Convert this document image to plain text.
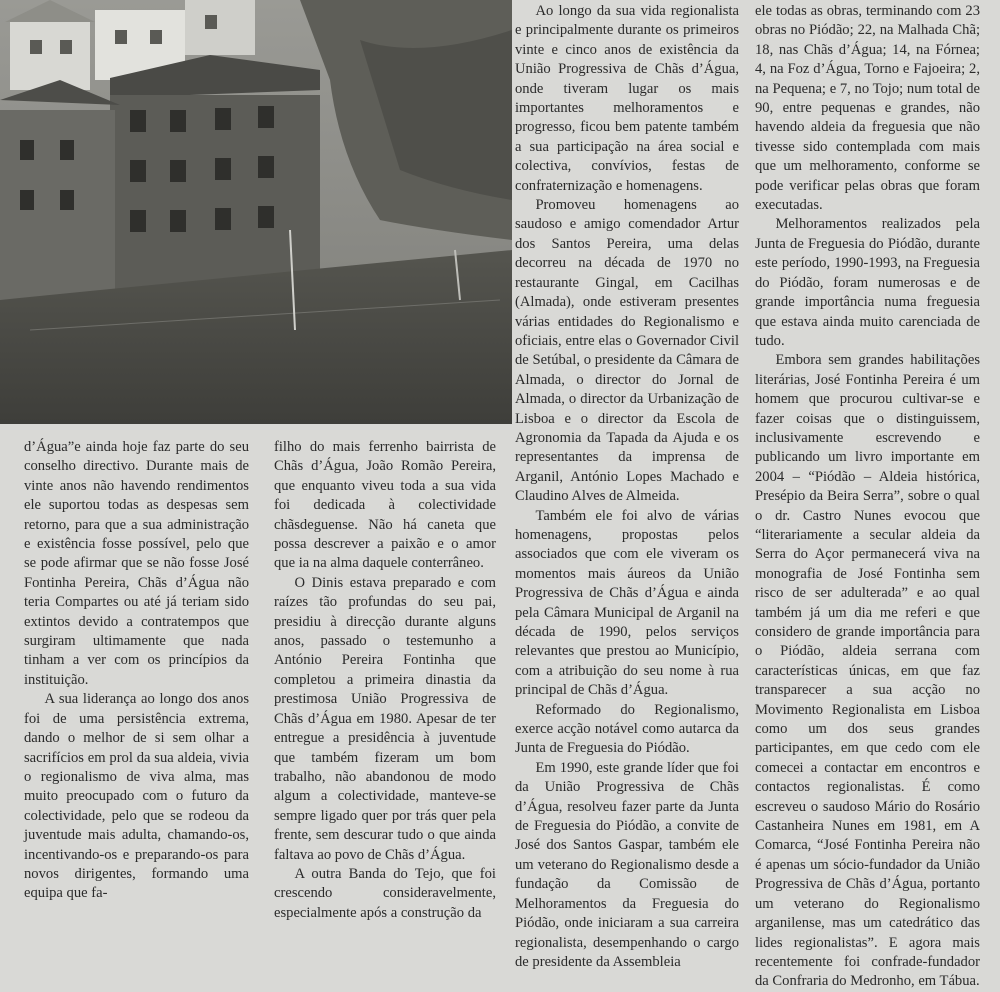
d’Água”e ainda hoje faz parte do seu conselho directivo. Durante mais de vinte anos não havendo rendimentos ele suportou todas as despesas sem retorno, para que a sua administração e existência fosse possível, pelo que se pode afirmar que se não fosse José Fontinha Pereira, Chãs d’Água não teria Compartes ou até já teriam sido extintos devido a contratempos que surgiram ultimamente que nada tinham a ver com os princípios da instituição.

A sua liderança ao longo dos anos foi de uma persistência extrema, dando o melhor de si sem olhar a sacrifícios em prol da sua aldeia, vivia o regionalismo de viva alma, mas muito preocupado com o futuro da colectividade, pelo que se rodeou da juventude mais adulta, chamando-os, incentivando-os e preparando-os para novos dirigentes, formando uma equipa que fa-

filho do mais ferrenho bairrista de Chãs d’Água, João Romão Pereira, que enquanto viveu toda a sua vida foi dedicada à colectividade chãsdeguense. Não há caneta que possa descrever a paixão e o amor que ia na alma daquele conterrâneo.

O Dinis estava preparado e com raízes tão profundas do seu pai, presidiu à direcção durante alguns anos, passado o testemunho a António Pereira Fontinha que completou a primeira dinastia da prestimosa União Progressiva de Chãs d’Água em 1980. Apesar de ter entregue a presidência à juventude que também fizeram um bom trabalho, não abandonou de modo algum a colectividade, manteve-se sempre ligado quer por trás quer pela frente, sem descurar tudo o que ainda faltava ao povo de Chãs d’Água.

A outra Banda do Tejo, que foi crescendo consideravelmente, especialmente após a construção da

Ao longo da sua vida regionalista e principalmente durante os primeiros vinte e cinco anos de existência da União Progressiva de Chãs d’Água, onde tiveram lugar os mais importantes melhoramentos e progresso, ficou bem patente também a sua participação na área social e colectiva, convívios, festas de confraternização e homenagens.

Promoveu homenagens ao saudoso e amigo comendador Artur dos Santos Pereira, uma delas decorreu na década de 1970 no restaurante Gingal, em Cacilhas (Almada), onde estiveram presentes várias entidades do Regionalismo e oficiais, entre elas o Governador Civil de Setúbal, o presidente da Câmara de Almada, o director do Jornal de Almada, o director da Urbanização de Lisboa e o director da Escola de Agronomia da Tapada da Ajuda e os representantes da imprensa de Arganil, António Lopes Machado e Claudino Alves de Almeida.

Também ele foi alvo de várias homenagens, propostas pelos associados que com ele viveram os momentos mais áureos da União Progressiva de Chãs d’Água e ainda pela Câmara Municipal de Arganil na década de 1990, pelos serviços relevantes que prestou ao Município, com a atribuição do seu nome à rua principal de Chãs d’Água.

Reformado do Regionalismo, exerce acção notável como autarca da Junta de Freguesia do Piódão.

Em 1990, este grande líder que foi da União Progressiva de Chãs d’Água, resolveu fazer parte da Junta de Freguesia do Piódão, a convite de José dos Santos Gaspar, também ele um veterano do Regionalismo desde a fundação da Comissão de Melhoramentos da Freguesia do Piódão, onde iniciaram a sua carreira regionalista, desempenhando o cargo de presidente da Assembleia

ele todas as obras, terminando com 23 obras no Piódão; 22, na Malhada Chã; 18, nas Chãs d’Água; 14, na Fórnea; 4, na Foz d’Água, Torno e Fajoeira; 2, na Pequena; e 7, no Tojo; num total de 90, entre pequenas e grandes, não havendo aldeia da freguesia que não tivesse sido contemplada com mais que um melhoramento, conforme se pode verificar pelas obras que foram executadas.

Melhoramentos realizados pela Junta de Freguesia do Piódão, durante este período, 1990-1993, na Freguesia do Piódão, foram numerosas e de grande importância numa freguesia que estava ainda muito carenciada de tudo.

Embora sem grandes habilitações literárias, José Fontinha Pereira é um homem que procurou cultivar-se e fazer coisas que o distinguissem, inclusivamente escrevendo e publicando um livro importante em 2004 – “Piódão – Aldeia histórica, Presépio da Beira Serra”, sobre o qual o dr. Castro Nunes evocou que “literariamente a secular aldeia da Serra do Açor permanecerá viva na monografia de José Fontinha sem risco de ser adulterada” e ao qual também já um dia me referi e que considero de grande importância para o Piódão, aldeia serrana com características únicas, em que faz transparecer a sua acção no Movimento Regionalista em Lisboa como um dos seus grandes participantes, em que cedo com ele comecei a contactar em encontros e contactos regionalistas. É como escreveu o saudoso Mário do Rosário Castanheira Nunes em 1981, em A Comarca, “José Fontinha Pereira não é apenas um sócio-fundador da União Progressiva de Chãs d’Água, portanto um veterano do Regionalismo arganilense, mas um catedrático das lides regionalistas”. E agora mais recentemente foi confrade-fundador da Confraria do Medronho, em Tábua.
